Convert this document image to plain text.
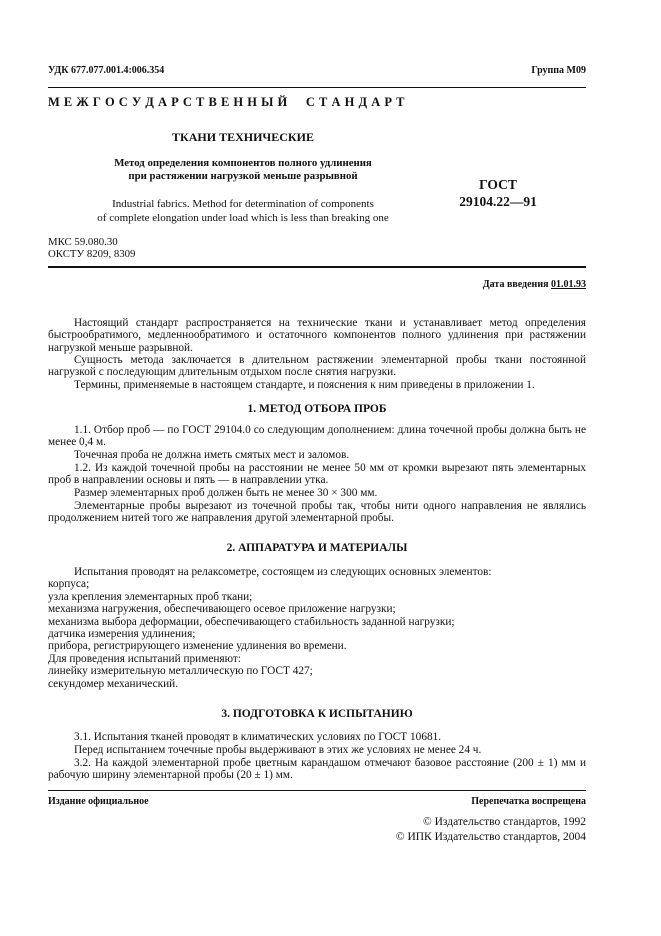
УДК 677.077.001.4:006.354	Группа М09
М Е Ж Г О С У Д А Р С Т В Е Н Н Ы Й     С Т А Н Д А Р Т
ТКАНИ ТЕХНИЧЕСКИЕ
Метод определения компонентов полного удлинения
при растяжении нагрузкой меньше разрывной
Industrial fabrics. Method for determination of components
of complete elongation under load which is less than breaking one
ГОСТ
29104.22—91
МКС 59.080.30
ОКСТУ 8209, 8309
Дата введения 01.01.93
Настоящий стандарт распространяется на технические ткани и устанавливает метод определения быстрообратимого, медленнообратимого и остаточного компонентов полного удлинения при растяжении нагрузкой меньше разрывной.
Сущность метода заключается в длительном растяжении элементарной пробы ткани постоянной нагрузкой с последующим длительным отдыхом после снятия нагрузки.
Термины, применяемые в настоящем стандарте, и пояснения к ним приведены в приложении 1.
1. МЕТОД ОТБОРА ПРОБ
1.1. Отбор проб — по ГОСТ 29104.0 со следующим дополнением: длина точечной пробы должна быть не менее 0,4 м.
Точечная проба не должна иметь смятых мест и заломов.
1.2. Из каждой точечной пробы на расстоянии не менее 50 мм от кромки вырезают пять элементарных проб в направлении основы и пять — в направлении утка.
Размер элементарных проб должен быть не менее 30 × 300 мм.
Элементарные пробы вырезают из точечной пробы так, чтобы нити одного направления не являлись продолжением нитей того же направления другой элементарной пробы.
2. АППАРАТУРА И МАТЕРИАЛЫ
Испытания проводят на релаксометре, состоящем из следующих основных элементов:
корпуса;
узла крепления элементарных проб ткани;
механизма нагружения, обеспечивающего осевое приложение нагрузки;
механизма выбора деформации, обеспечивающего стабильность заданной нагрузки;
датчика измерения удлинения;
прибора, регистрирующего изменение удлинения во времени.
Для проведения испытаний применяют:
линейку измерительную металлическую по ГОСТ 427;
секундомер механический.
3. ПОДГОТОВКА К ИСПЫТАНИЮ
3.1. Испытания тканей проводят в климатических условиях по ГОСТ 10681.
Перед испытанием точечные пробы выдерживают в этих же условиях не менее 24 ч.
3.2. На каждой элементарной пробе цветным карандашом отмечают базовое расстояние (200 ± 1) мм и рабочую ширину элементарной пробы (20 ± 1) мм.
Издание официальное	Перепечатка воспрещена
© Издательство стандартов, 1992
© ИПК Издательство стандартов, 2004
